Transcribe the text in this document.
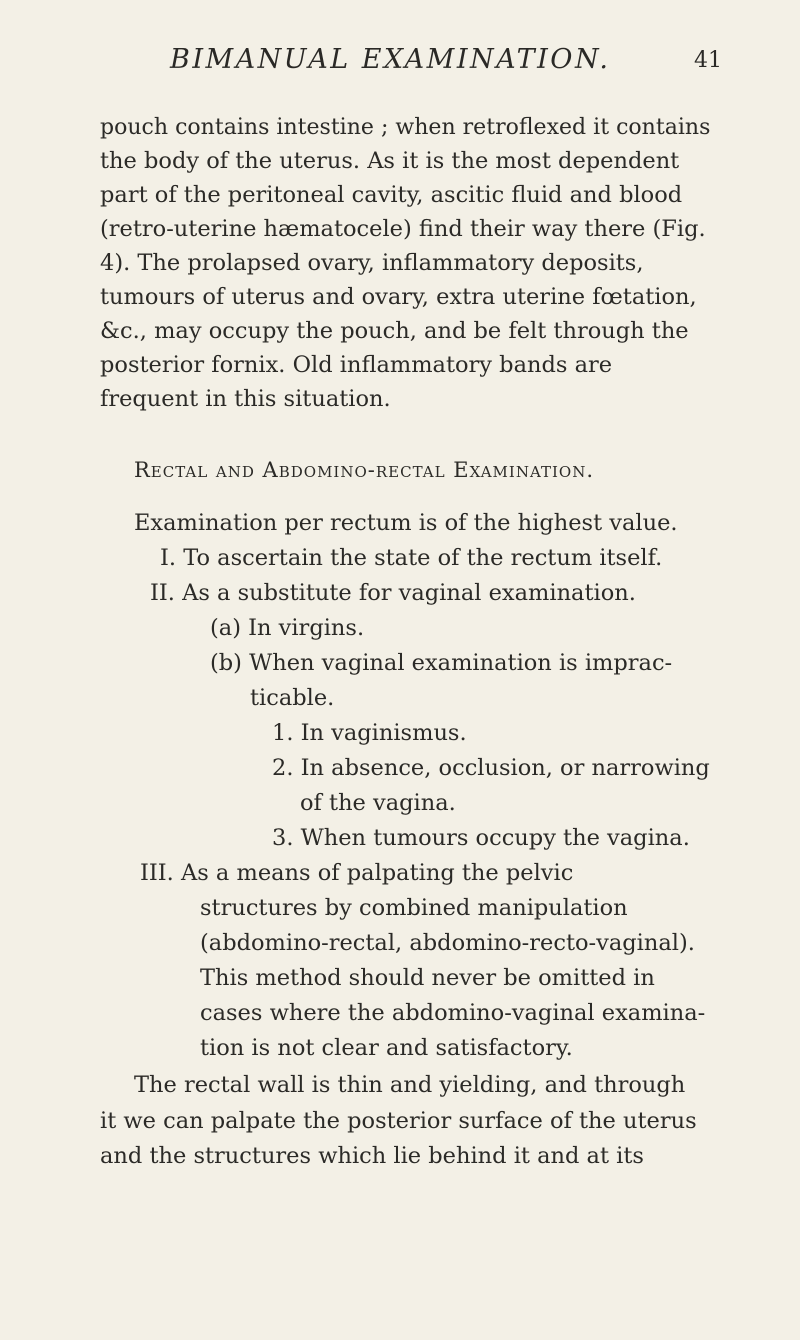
BIMANUAL EXAMINATION.	41
pouch contains intestine ; when retroflexed it contains
the body of the uterus. As it is the most dependent
part of the peritoneal cavity, ascitic fluid and blood
(retro-uterine hæmatocele) find their way there (Fig.
4). The prolapsed ovary, inflammatory deposits,
tumours of uterus and ovary, extra uterine fœtation,
&c., may occupy the pouch, and be felt through the
posterior fornix. Old inflammatory bands are
frequent in this situation.
Rectal and Abdomino-rectal Examination.
Examination per rectum is of the highest value.
I. To ascertain the state of the rectum itself.
II. As a substitute for vaginal examination.
(a) In virgins.
(b) When vaginal examination is imprac-
ticable.
1. In vaginismus.
2. In absence, occlusion, or narrowing
of the vagina.
3. When tumours occupy the vagina.
III. As a means of palpating the pelvic
structures by combined manipulation
(abdomino-rectal, abdomino-recto-vaginal).
This method should never be omitted in
cases where the abdomino-vaginal examina-
tion is not clear and satisfactory.
The rectal wall is thin and yielding, and through
it we can palpate the posterior surface of the uterus
and the structures which lie behind it and at its
